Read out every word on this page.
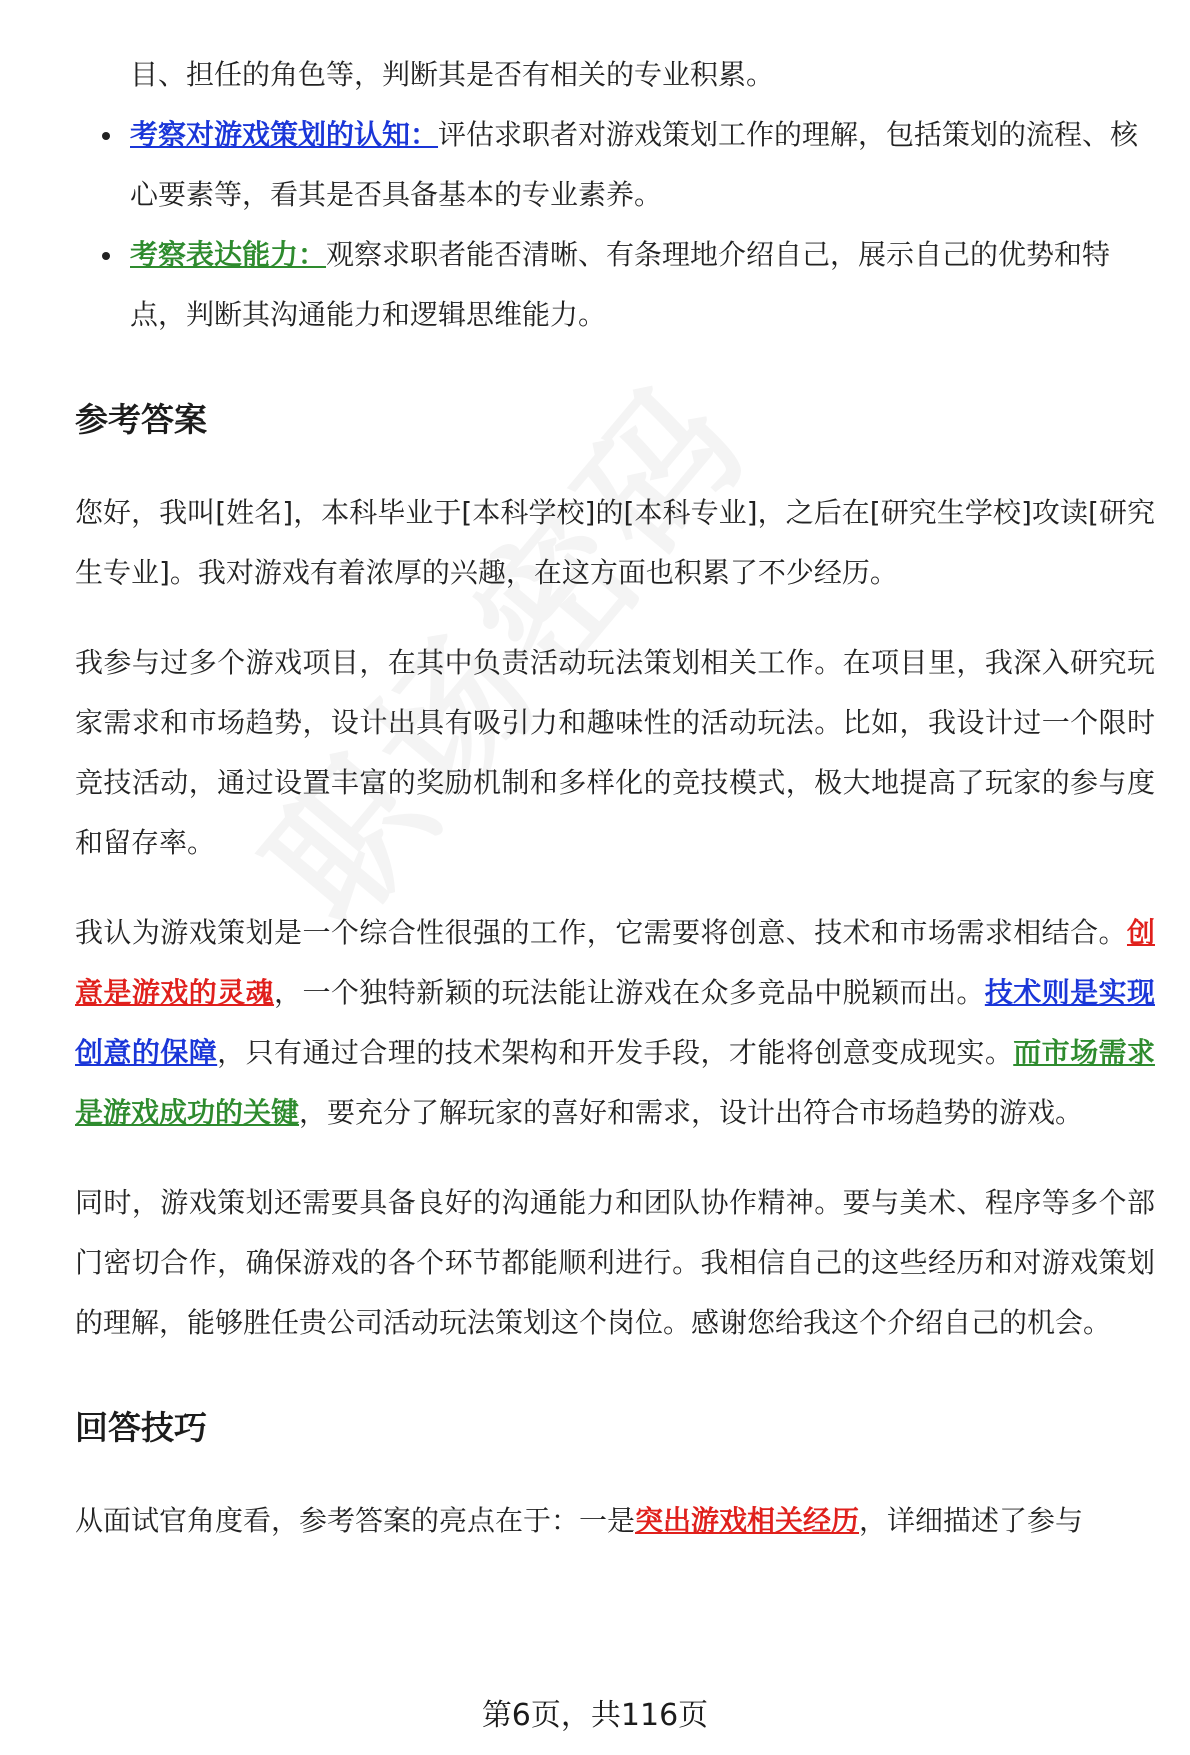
目、担任的角色等，判断其是否有相关的专业积累。

考察对游戏策划的认知：评估求职者对游戏策划工作的理解，包括策划的流程、核心要素等，看其是否具备基本的专业素养。
考察表达能力：观察求职者能否清晰、有条理地介绍自己，展示自己的优势和特点，判断其沟通能力和逻辑思维能力。
参考答案

您好，我叫[姓名]，本科毕业于[本科学校]的[本科专业]，之后在[研究生学校]攻读[研究生专业]。我对游戏有着浓厚的兴趣，在这方面也积累了不少经历。

我参与过多个游戏项目，在其中负责活动玩法策划相关工作。在项目里，我深入研究玩家需求和市场趋势，设计出具有吸引力和趣味性的活动玩法。比如，我设计过一个限时竞技活动，通过设置丰富的奖励机制和多样化的竞技模式，极大地提高了玩家的参与度和留存率。

我认为游戏策划是一个综合性很强的工作，它需要将创意、技术和市场需求相结合。创意是游戏的灵魂，一个独特新颖的玩法能让游戏在众多竞品中脱颖而出。技术则是实现创意的保障，只有通过合理的技术架构和开发手段，才能将创意变成现实。而市场需求是游戏成功的关键，要充分了解玩家的喜好和需求，设计出符合市场趋势的游戏。

同时，游戏策划还需要具备良好的沟通能力和团队协作精神。要与美术、程序等多个部门密切合作，确保游戏的各个环节都能顺利进行。我相信自己的这些经历和对游戏策划的理解，能够胜任贵公司活动玩法策划这个岗位。感谢您给我这个介绍自己的机会。

回答技巧

从面试官角度看，参考答案的亮点在于：一是突出游戏相关经历，详细描述了参与

第6页，共116页
